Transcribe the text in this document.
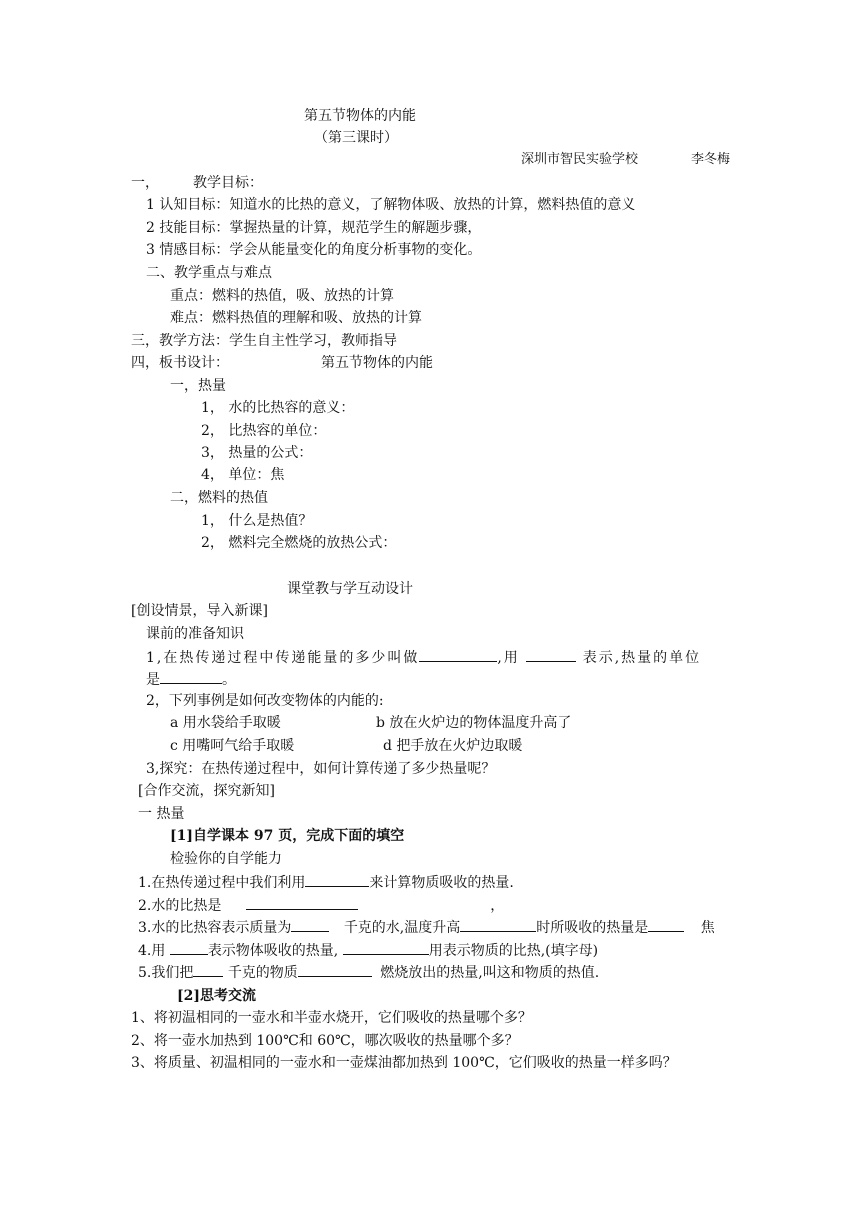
第五节物体的内能
（第三课时）
深圳市智民实验学校	李冬梅
一， 教学目标：
1 认知目标：知道水的比热的意义，了解物体吸、放热的计算，燃料热值的意义
2 技能目标：掌握热量的计算，规范学生的解题步骤，
3 情感目标：学会从能量变化的角度分析事物的变化。
二、教学重点与难点
重点：燃料的热值，吸、放热的计算
难点：燃料热值的理解和吸、放热的计算
三，教学方法：学生自主性学习，教师指导
四，板书设计：	第五节物体的内能
一，热量
1， 水的比热容的意义：
2， 比热容的单位：
3， 热量的公式：
4， 单位：焦
二，燃料的热值
1， 什么是热值？
2， 燃料完全燃烧的放热公式：
课堂教与学互动设计
[创设情景，导入新课]
课前的准备知识
1,在热传递过程中传递能量的多少叫做	,用	表示,热量的单位
是	。
2，下列事例是如何改变物体的内能的:
a 用水袋给手取暖	b 放在火炉边的物体温度升高了
c 用嘴呵气给手取暖	d 把手放在火炉边取暖
3,探究：在热传递过程中，如何计算传递了多少热量呢？
[合作交流，探究新知]
一 热量
[1]自学课本 97 页，完成下面的填空
检验你的自学能力
1.在热传递过程中我们利用	来计算物质吸收的热量.
2.水的比热是	，
3.水的比热容表示质量为	千克的水,温度升高	时所吸收的热量是	焦
4.用	表示物体吸收的热量,	用表示物质的比热,(填字母)
5.我们把 千克的物质	燃烧放出的热量,叫这和物质的热值.
[2]思考交流
1、将初温相同的一壶水和半壶水烧开，它们吸收的热量哪个多？
2、将一壶水加热到 100℃和 60℃，哪次吸收的热量哪个多？
3、将质量、初温相同的一壶水和一壶煤油都加热到 100℃，它们吸收的热量一样多吗？
